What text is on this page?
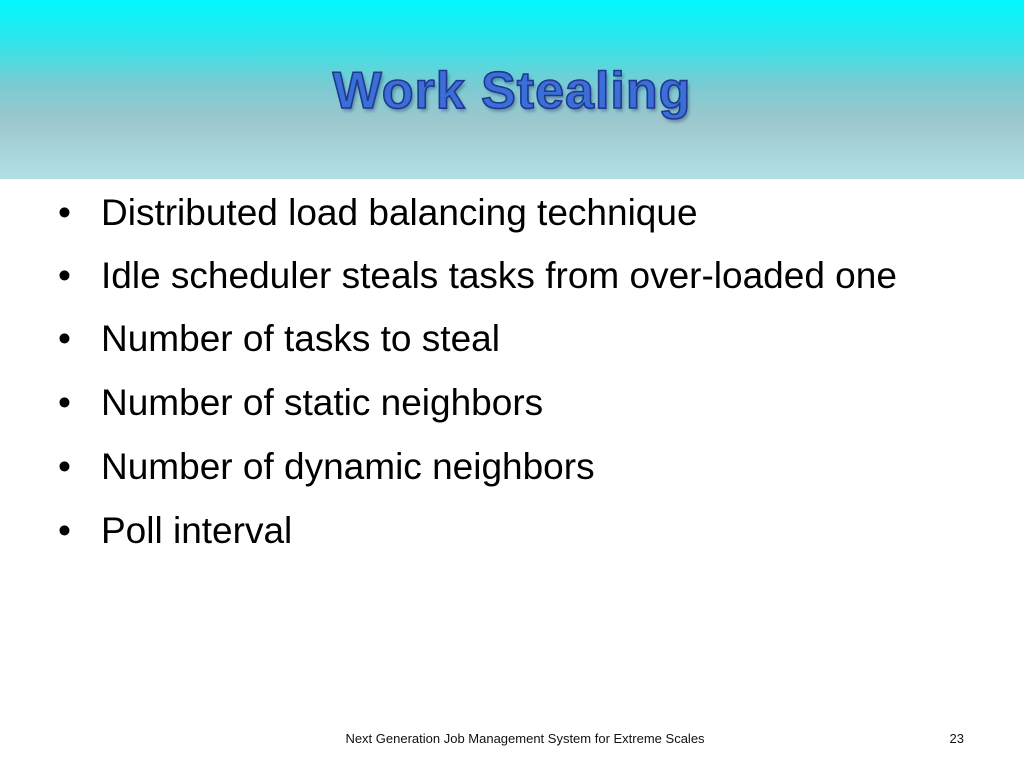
Work Stealing
• Distributed load balancing technique
• Idle scheduler steals tasks from over-loaded one
• Number of tasks to steal
• Number of static neighbors
• Number of dynamic neighbors
• Poll interval
Next Generation Job Management System for Extreme Scales	23
